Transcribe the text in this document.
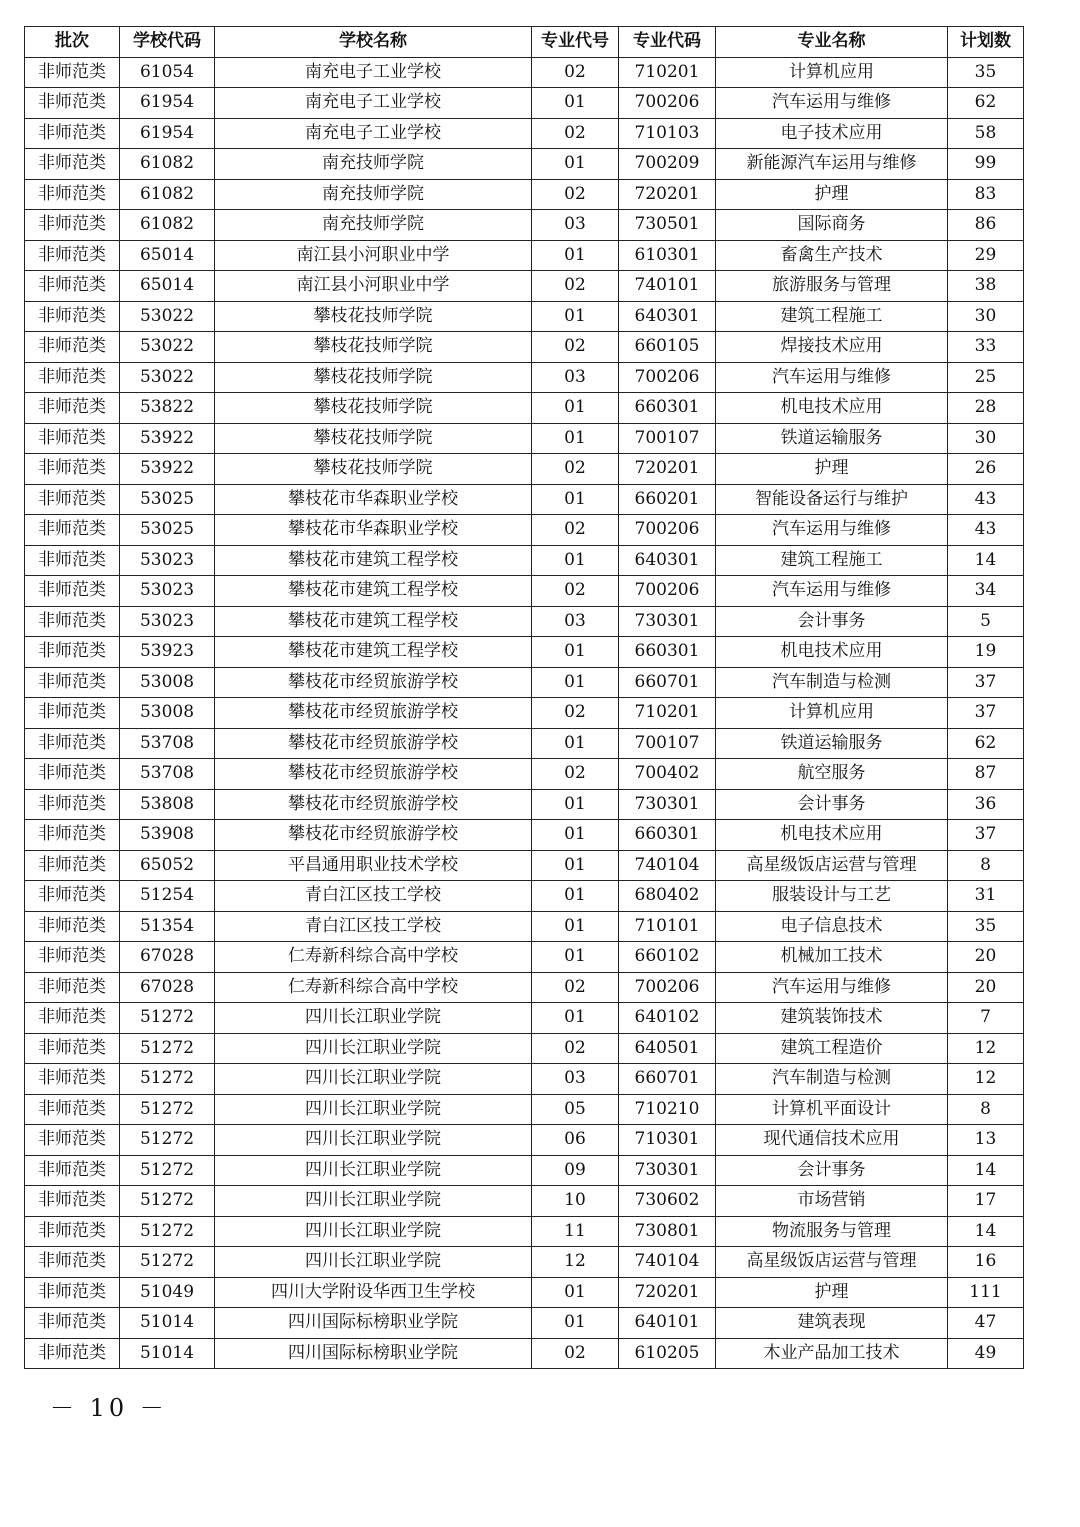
批次	学校代码	学校名称	专业代号	专业代码	专业名称	计划数
非师范类	61054	南充电子工业学校	02	710201	计算机应用	35
非师范类	61954	南充电子工业学校	01	700206	汽车运用与维修	62
非师范类	61954	南充电子工业学校	02	710103	电子技术应用	58
非师范类	61082	南充技师学院	01	700209	新能源汽车运用与维修	99
非师范类	61082	南充技师学院	02	720201	护理	83
非师范类	61082	南充技师学院	03	730501	国际商务	86
非师范类	65014	南江县小河职业中学	01	610301	畜禽生产技术	29
非师范类	65014	南江县小河职业中学	02	740101	旅游服务与管理	38
非师范类	53022	攀枝花技师学院	01	640301	建筑工程施工	30
非师范类	53022	攀枝花技师学院	02	660105	焊接技术应用	33
非师范类	53022	攀枝花技师学院	03	700206	汽车运用与维修	25
非师范类	53822	攀枝花技师学院	01	660301	机电技术应用	28
非师范类	53922	攀枝花技师学院	01	700107	铁道运输服务	30
非师范类	53922	攀枝花技师学院	02	720201	护理	26
非师范类	53025	攀枝花市华森职业学校	01	660201	智能设备运行与维护	43
非师范类	53025	攀枝花市华森职业学校	02	700206	汽车运用与维修	43
非师范类	53023	攀枝花市建筑工程学校	01	640301	建筑工程施工	14
非师范类	53023	攀枝花市建筑工程学校	02	700206	汽车运用与维修	34
非师范类	53023	攀枝花市建筑工程学校	03	730301	会计事务	5
非师范类	53923	攀枝花市建筑工程学校	01	660301	机电技术应用	19
非师范类	53008	攀枝花市经贸旅游学校	01	660701	汽车制造与检测	37
非师范类	53008	攀枝花市经贸旅游学校	02	710201	计算机应用	37
非师范类	53708	攀枝花市经贸旅游学校	01	700107	铁道运输服务	62
非师范类	53708	攀枝花市经贸旅游学校	02	700402	航空服务	87
非师范类	53808	攀枝花市经贸旅游学校	01	730301	会计事务	36
非师范类	53908	攀枝花市经贸旅游学校	01	660301	机电技术应用	37
非师范类	65052	平昌通用职业技术学校	01	740104	高星级饭店运营与管理	8
非师范类	51254	青白江区技工学校	01	680402	服装设计与工艺	31
非师范类	51354	青白江区技工学校	01	710101	电子信息技术	35
非师范类	67028	仁寿新科综合高中学校	01	660102	机械加工技术	20
非师范类	67028	仁寿新科综合高中学校	02	700206	汽车运用与维修	20
非师范类	51272	四川长江职业学院	01	640102	建筑装饰技术	7
非师范类	51272	四川长江职业学院	02	640501	建筑工程造价	12
非师范类	51272	四川长江职业学院	03	660701	汽车制造与检测	12
非师范类	51272	四川长江职业学院	05	710210	计算机平面设计	8
非师范类	51272	四川长江职业学院	06	710301	现代通信技术应用	13
非师范类	51272	四川长江职业学院	09	730301	会计事务	14
非师范类	51272	四川长江职业学院	10	730602	市场营销	17
非师范类	51272	四川长江职业学院	11	730801	物流服务与管理	14
非师范类	51272	四川长江职业学院	12	740104	高星级饭店运营与管理	16
非师范类	51049	四川大学附设华西卫生学校	01	720201	护理	111
非师范类	51014	四川国际标榜职业学院	01	640101	建筑表现	47
非师范类	51014	四川国际标榜职业学院	02	610205	木业产品加工技术	49
－ 10 －
